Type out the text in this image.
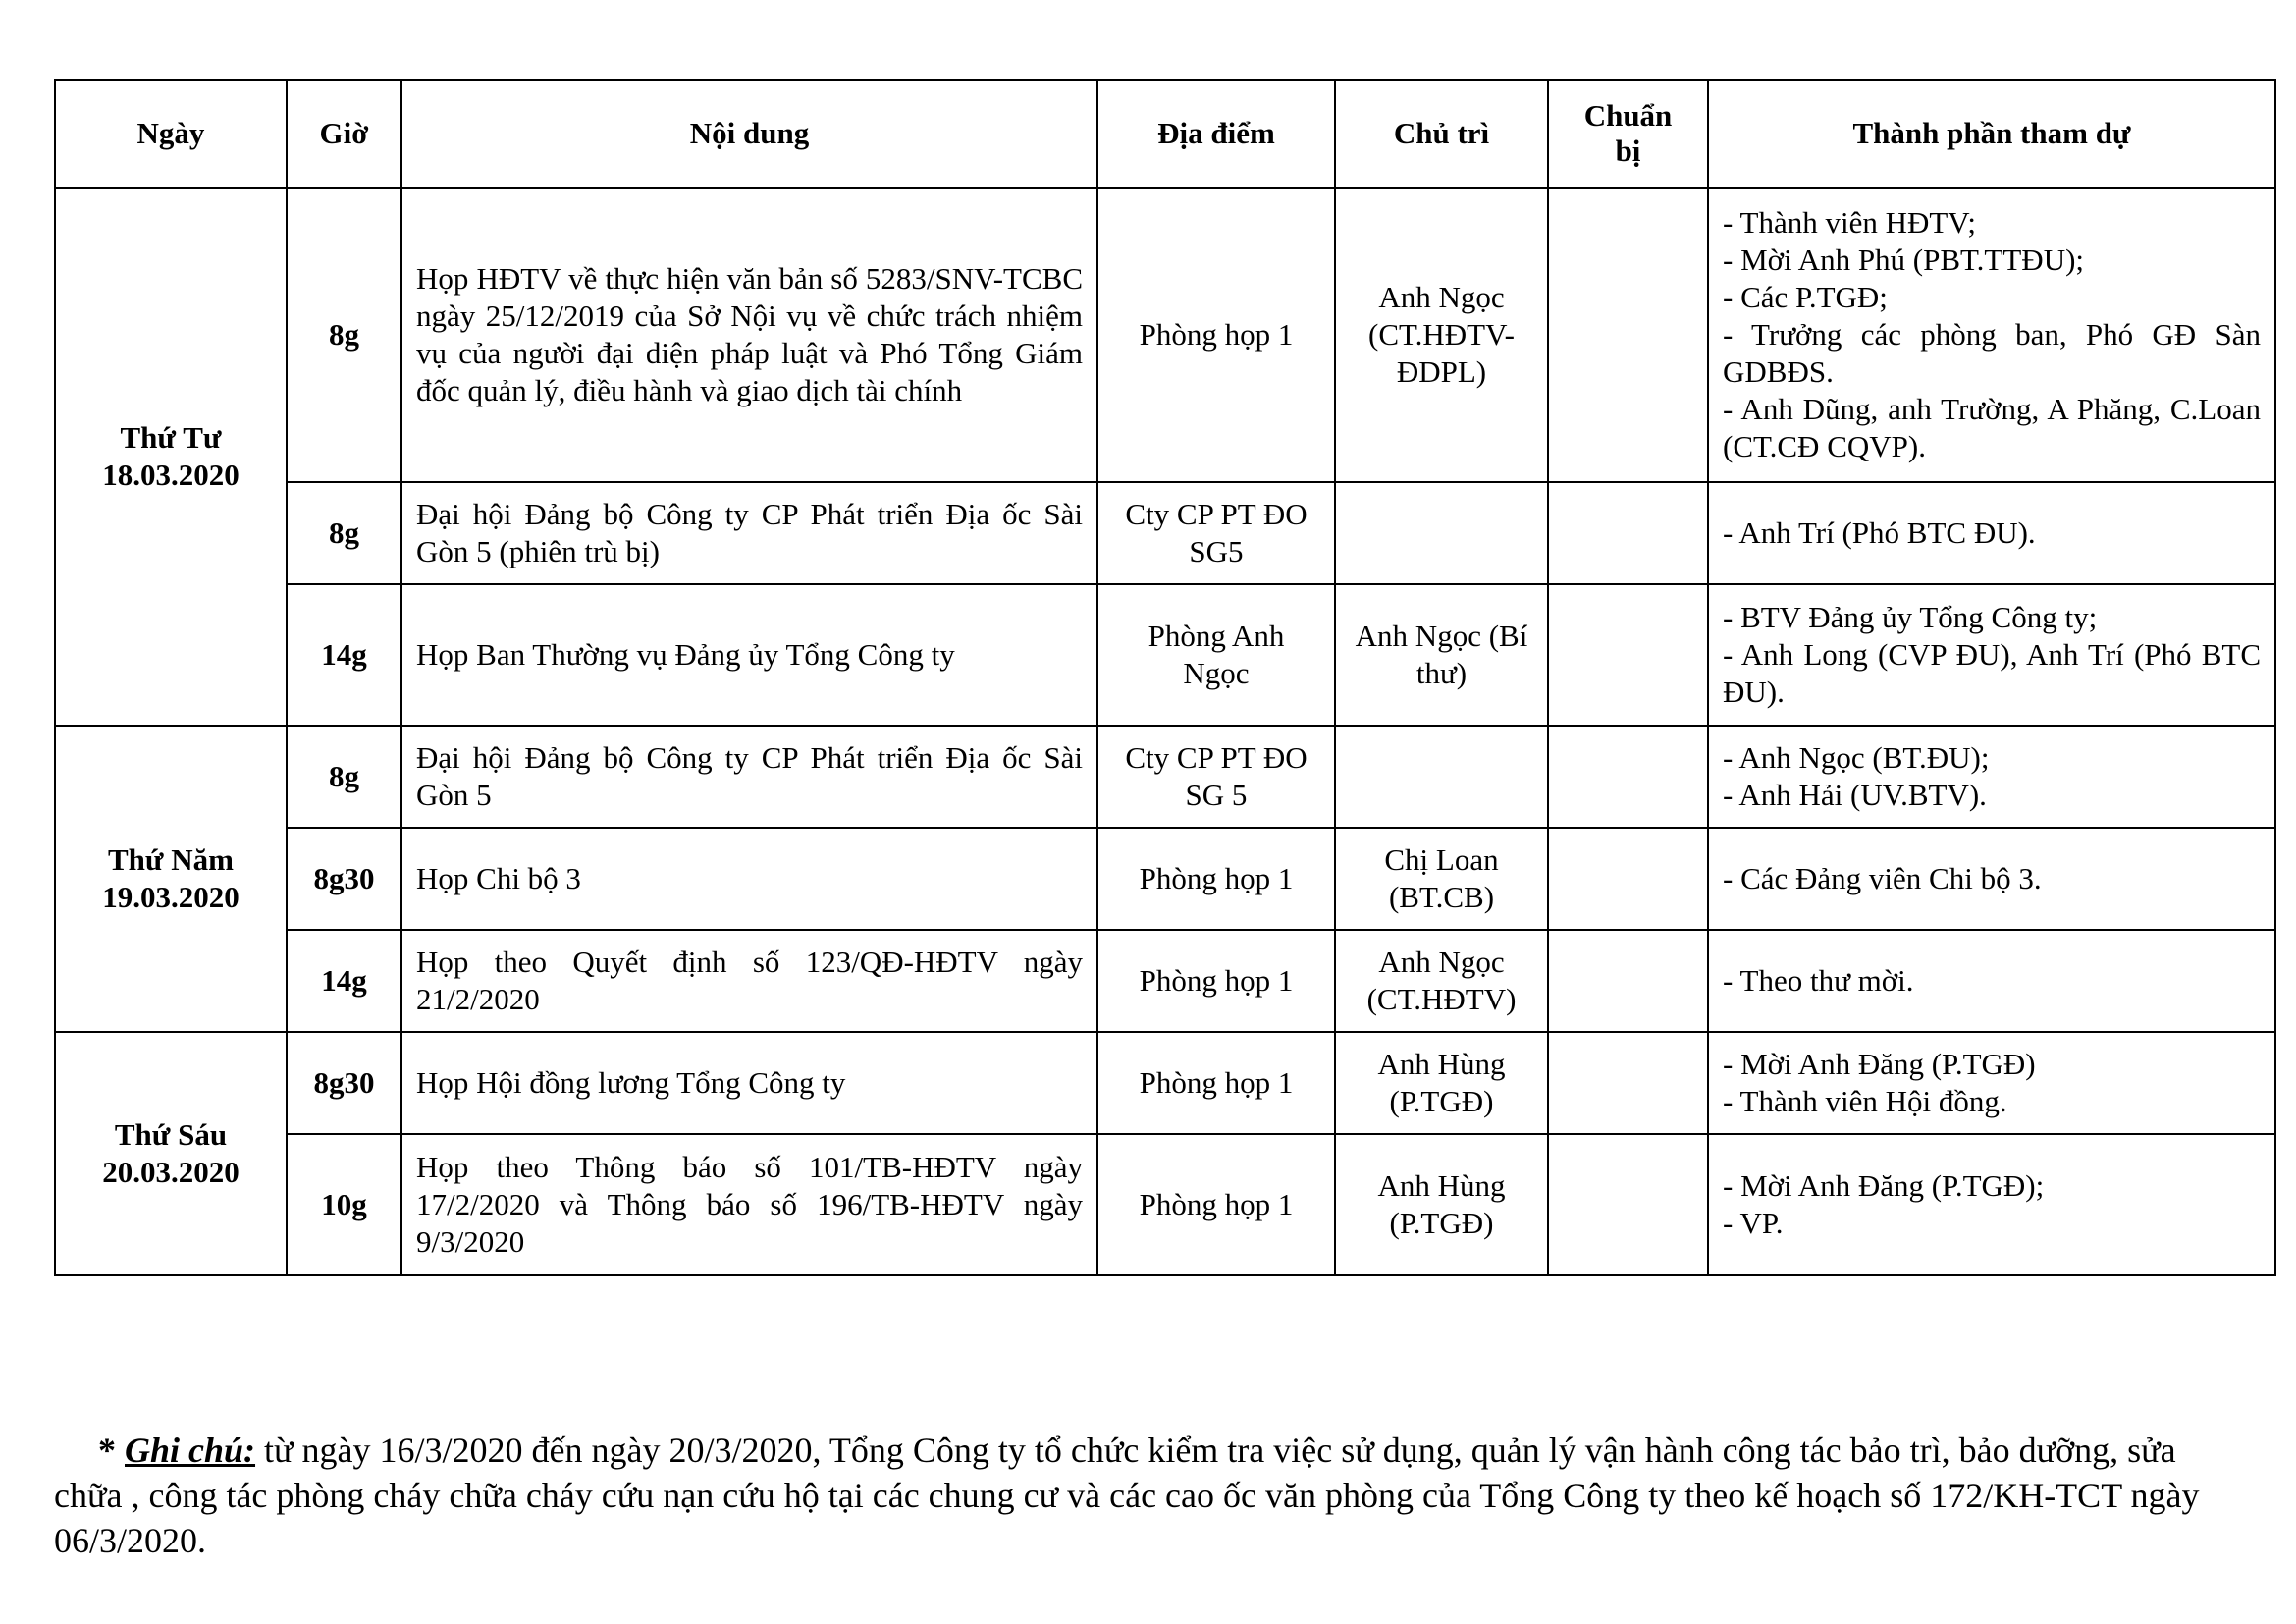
Ngày	Giờ	Nội dung	Địa điểm	Chủ trì	Chuẩn bị	Thành phần tham dự

Thứ Tư
18.03.2020	8g	Họp HĐTV về thực hiện văn bản số 5283/SNV-TCBC ngày 25/12/2019 của Sở Nội vụ về chức trách nhiệm vụ của người đại diện pháp luật và Phó Tổng Giám đốc quản lý, điều hành và giao dịch tài chính	Phòng họp 1	Anh Ngọc (CT.HĐTV-ĐDPL)		- Thành viên HĐTV;
- Mời Anh Phú (PBT.TTĐU);
- Các P.TGĐ;
- Trưởng các phòng ban, Phó GĐ Sàn GDBĐS.
- Anh Dũng, anh Trường, A Phăng, C.Loan (CT.CĐ CQVP).

	8g	Đại hội Đảng bộ Công ty CP Phát triển Địa ốc Sài Gòn 5 (phiên trù bị)	Cty CP PT ĐO SG5			- Anh Trí (Phó BTC ĐU).

	14g	Họp Ban Thường vụ Đảng ủy Tổng Công ty	Phòng Anh Ngọc	Anh Ngọc (Bí thư)		- BTV Đảng ủy Tổng Công ty;
- Anh Long (CVP ĐU), Anh Trí (Phó BTC ĐU).

Thứ Năm
19.03.2020	8g	Đại hội Đảng bộ Công ty CP Phát triển Địa ốc Sài Gòn 5	Cty CP PT ĐO SG 5			- Anh Ngọc (BT.ĐU);
- Anh Hải (UV.BTV).

	8g30	Họp Chi bộ 3	Phòng họp 1	Chị Loan (BT.CB)		- Các Đảng viên Chi bộ 3.

	14g	Họp theo Quyết định số 123/QĐ-HĐTV ngày 21/2/2020	Phòng họp 1	Anh Ngọc (CT.HĐTV)		- Theo thư mời.

Thứ Sáu
20.03.2020	8g30	Họp Hội đồng lương Tổng Công ty	Phòng họp 1	Anh Hùng (P.TGĐ)		- Mời Anh Đăng (P.TGĐ)
- Thành viên Hội đồng.

	10g	Họp theo Thông báo số 101/TB-HĐTV ngày 17/2/2020 và Thông báo số 196/TB-HĐTV ngày 9/3/2020	Phòng họp 1	Anh Hùng (P.TGĐ)		- Mời Anh Đăng (P.TGĐ);
- VP.

* Ghi chú: từ ngày 16/3/2020 đến ngày 20/3/2020, Tổng Công ty tổ chức kiểm tra việc sử dụng, quản lý vận hành công tác bảo trì, bảo dưỡng, sửa chữa , công tác phòng cháy chữa cháy cứu nạn cứu hộ tại các chung cư và các cao ốc văn phòng của Tổng Công ty theo kế hoạch số 172/KH-TCT ngày 06/3/2020.
